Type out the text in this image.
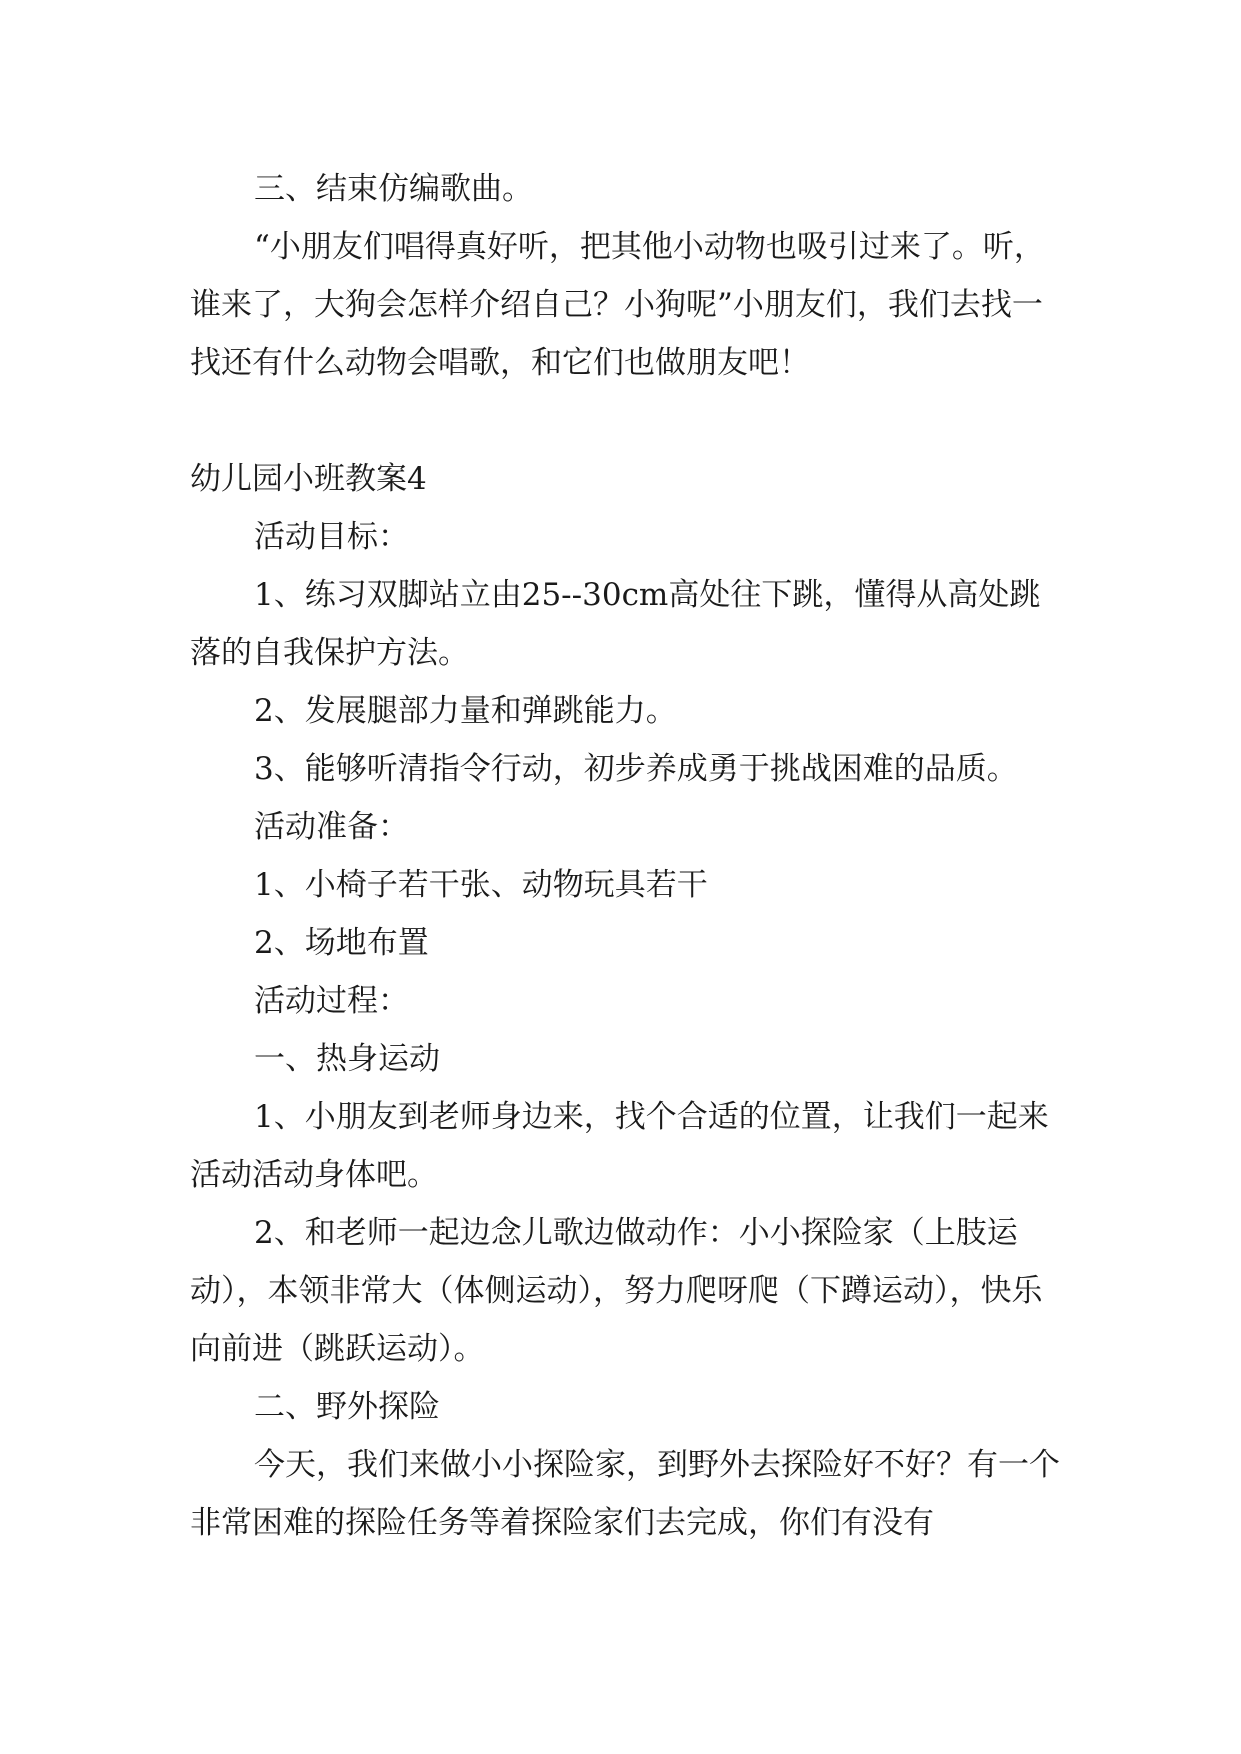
三、结束仿编歌曲。

“小朋友们唱得真好听，把其他小动物也吸引过来了。听，谁来了，大狗会怎样介绍自己？小狗呢”小朋友们，我们去找一找还有什么动物会唱歌，和它们也做朋友吧！

幼儿园小班教案4

活动目标：

1、练习双脚站立由25--30cm高处往下跳，懂得从高处跳落的自我保护方法。

2、发展腿部力量和弹跳能力。

3、能够听清指令行动，初步养成勇于挑战困难的品质。

活动准备：

1、小椅子若干张、动物玩具若干

2、场地布置

活动过程：

一、热身运动

1、小朋友到老师身边来，找个合适的位置，让我们一起来活动活动身体吧。

2、和老师一起边念儿歌边做动作：小小探险家（上肢运动），本领非常大（体侧运动），努力爬呀爬（下蹲运动），快乐向前进（跳跃运动）。

二、野外探险

今天，我们来做小小探险家，到野外去探险好不好？有一个非常困难的探险任务等着探险家们去完成，你们有没有
